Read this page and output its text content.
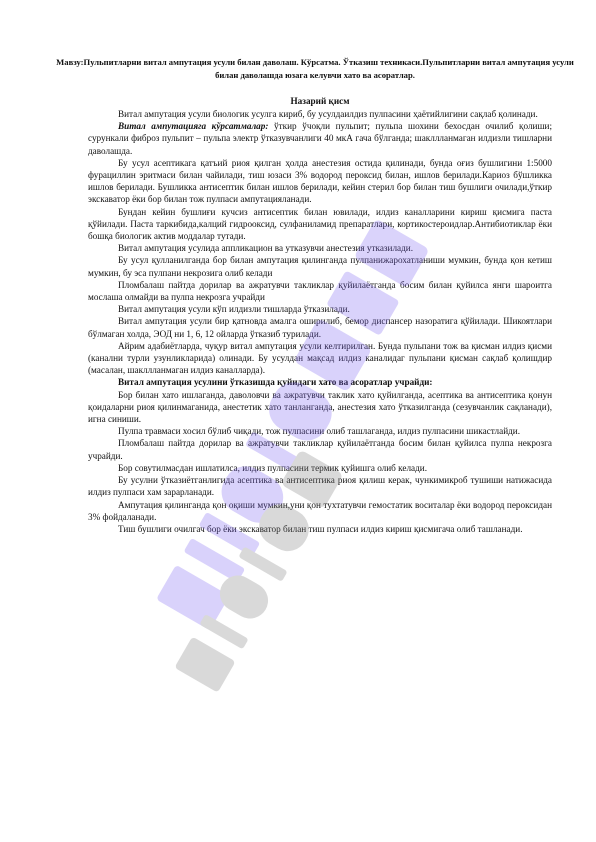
Мавзу:Пульпитларни витал ампутация усули билан даволаш. Кўрсатма. Ўтказиш техникаси.Пульпитларни витал ампутация усули билан даволашда юзага келувчи хато ва асоратлар.
Назарий қисм

Витал ампутация усули биологик усулга кириб, бу усулдаилдиз пулпасини ҳаётийлигини сақлаб қолинади.

Витал ампутацияга кўрсатмалар: ўткир ўчоқли пульпит; пульпа шохини бехосдан очилиб қолиши; сурункали фиброз пульпит – пульпа электр ўтказувчанлиги 40 мкА гача бўлганда; шакллланмаган илдизли тишларни даволашда.

Бу усул асептикага қатъий риоя қилган ҳолда анестезия остида қилинади, бунда оғиз бушлигини 1:5000 фурациллин эритмаси билан чайилади, тиш юзаси 3% водород пероксид билан, ишлов берилади.Кариоз бўшликка ишлов берилади. Бушликка антисептик билан ишлов берилади, кейин стерил бор билан тиш бушлиги очилади,ўткир экскаватор ёки бор билан тож пулпаси ампутацияланади.

Бундан кейин бушлиғи кучсиз антисептик билан ювилади, илдиз каналларини кириш қисмига паста қўйилади. Паста таркибида,калций гидрооксид, сулфаниламид препаратлари, кортикостероидлар.Антибиотиклар ёки бошқа биологик актив моддалар тутади.

Витал ампутация усулида аппликацион ва утказувчи анестезия утказилади.

Бу усул қулланилганда бор билан ампутация қилинганда пулпанижарохатланиши мумкин, бунда қон кетиш мумкин, бу эса пулпани некрозига олиб келади

Пломбалаш пайтда дорилар ва ажратувчи такликлар қуйилаётганда босим билан қуйилса янги шароитга мослаша олмайди ва пулпа некрозга учрайди

Витал ампутация усули кўп илдизли тишларда ўтказилади.

Витал ампутация усули бир қатновда амалга оширилиб, бемор диспансер назоратига қўйилади. Шикоятлари бўлмаган холда, ЭОД ни 1, 6, 12 ойларда ўтказиб турилади.

Айрим адабиётларда, чуқур витал ампутация усули келтирилган. Бунда пульпани тож ва қисман илдиз қисми (канални турли узунликларида) олинади. Бу усулдан мақсад илдиз каналидаг пульпани қисман сақлаб қолишдир (масалан, шакллланмаган илдиз каналларда).

Витал ампутация усулини ўтказишда қуйидаги хато ва асоратлар учрайди:

Бор билан хато ишлаганда, даволовчи ва ажратувчи таклик хато қуйилганда, асептика ва антисептика қонун қоидаларни риоя қилинмаганида, анестетик хато танланганда, анестезия хато ўтказилганда (сезувчанлик сақланади), игна синиши.

Пулпа травмаси хосил бўлиб чиқади, тож пулпасини олиб ташлаганда, илдиз пулпасини шикастлайди.

Пломбалаш пайтда дорилар ва ажратувчи такликлар қуйилаётганда босим билан қуйилса пулпа некрозга учрайди.

Бор совутилмасдан ишлатилса, илдиз пулпасини термик қуйишга олиб келади.

Бу усулни ўтказиётганлигида асептика ва антисептика риоя қилиш керак, чункимикроб тушиши натижасида илдиз пулпаси хам зарарланади.

Ампутация қилинганда қон оқиши мумкин,уни қон тухтатувчи гемостатик воситалар ёки водород пероксидан 3% фойдаланади.

Тиш бушлиги очилгач бор ёки экскаватор билан тиш пулпаси илдиз кириш қисмигача олиб ташланади.
